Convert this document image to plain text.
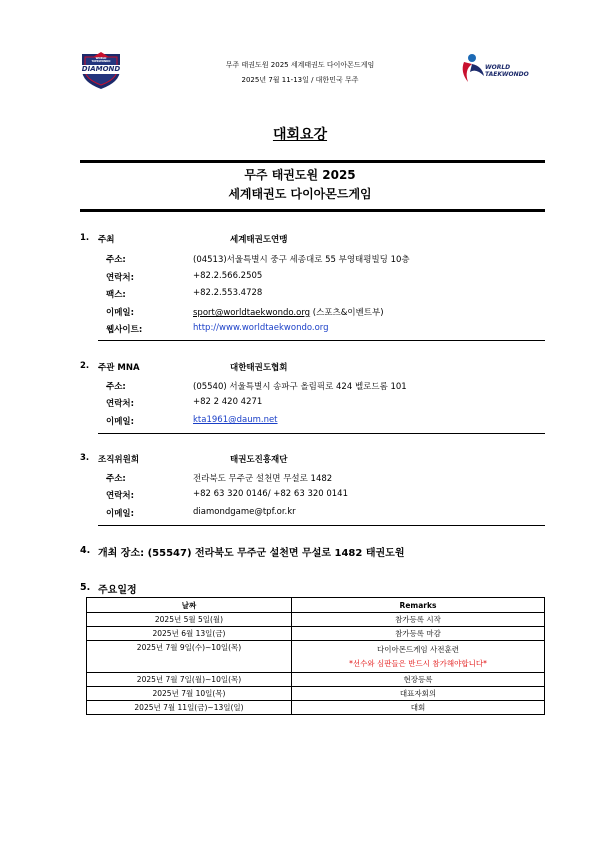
WORLD TAEKWONDO
DIAMOND	무주 태권도원 2025 세계태권도 다이아몬드게임
2025년 7월 11-13일 / 대한민국 무주
WORLD
TAEKWONDO
대회요강
무주 태권도원 2025
세계태권도 다이아몬드게임
1. 주최	세계태권도연맹
주소:	(04513)서울특별시 중구 세종대로 55 부영태평빌딩 10층
연락처:	+82.2.566.2505
팩스:	+82.2.553.4728
이메일:	sport@worldtaekwondo.org (스포츠&이벤트부)
웹사이트:	http://www.worldtaekwondo.org
2. 주관 MNA	대한태권도협회
주소:	(05540) 서울특별시 송파구 올림픽로 424 벨로드롬 101
연락처:	+82 2 420 4271
이메일:	kta1961@daum.net
3. 조직위원회	태권도진흥재단
주소:	전라북도 무주군 설천면 무설로 1482
연락처:	+82 63 320 0146/ +82 63 320 0141
이메일:	diamondgame@tpf.or.kr
4. 개최 장소: (55547) 전라북도 무주군 설천면 무설로 1482 태권도원
5. 주요일정
날짜	Remarks
2025년 5월 5일(월)	참가등록 시작
2025년 6월 13일(금)	참가등록 마감
2025년 7월 9일(수)~10일(목)	다이아몬드게임 사전훈련
*선수와 심판들은 반드시 참가해야합니다*

2025년 7월 7일(월)~10일(목)	현장등록
2025년 7월 10일(목)	대표자회의
2025년 7월 11일(금)~13일(일)	대회
